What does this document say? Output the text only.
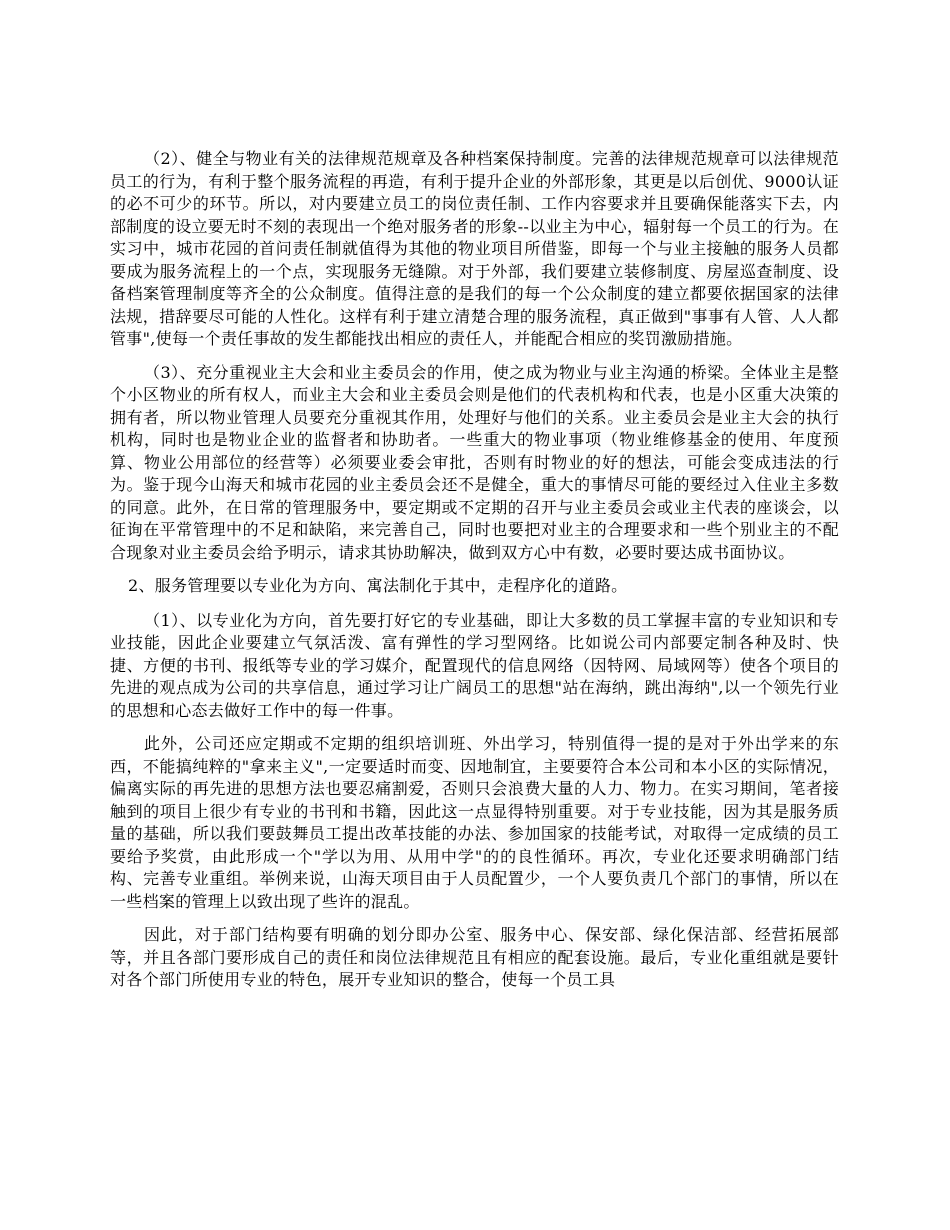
（2）、健全与物业有关的法律规范规章及各种档案保持制度。完善的法律规范规章可以法律规范员工的行为，有利于整个服务流程的再造，有利于提升企业的外部形象，其更是以后创优、9000认证的必不可少的环节。所以，对内要建立员工的岗位责任制、工作内容要求并且要确保能落实下去，内部制度的设立要无时不刻的表现出一个绝对服务者的形象--以业主为中心，辐射每一个员工的行为。在实习中，城市花园的首问责任制就值得为其他的物业项目所借鉴，即每一个与业主接触的服务人员都要成为服务流程上的一个点，实现服务无缝隙。对于外部，我们要建立装修制度、房屋巡查制度、设备档案管理制度等齐全的公众制度。值得注意的是我们的每一个公众制度的建立都要依据国家的法律法规，措辞要尽可能的人性化。这样有利于建立清楚合理的服务流程，真正做到"事事有人管、人人都管事",使每一个责任事故的发生都能找出相应的责任人，并能配合相应的奖罚激励措施。

（3）、充分重视业主大会和业主委员会的作用，使之成为物业与业主沟通的桥梁。全体业主是整个小区物业的所有权人，而业主大会和业主委员会则是他们的代表机构和代表，也是小区重大决策的拥有者，所以物业管理人员要充分重视其作用，处理好与他们的关系。业主委员会是业主大会的执行机构，同时也是物业企业的监督者和协助者。一些重大的物业事项（物业维修基金的使用、年度预算、物业公用部位的经营等）必须要业委会审批，否则有时物业的好的想法，可能会变成违法的行为。鉴于现今山海天和城市花园的业主委员会还不是健全，重大的事情尽可能的要经过入住业主多数的同意。此外，在日常的管理服务中，要定期或不定期的召开与业主委员会或业主代表的座谈会，以征询在平常管理中的不足和缺陷，来完善自己，同时也要把对业主的合理要求和一些个别业主的不配合现象对业主委员会给予明示，请求其协助解决，做到双方心中有数，必要时要达成书面协议。

2、服务管理要以专业化为方向、寓法制化于其中，走程序化的道路。

（1）、以专业化为方向，首先要打好它的专业基础，即让大多数的员工掌握丰富的专业知识和专业技能，因此企业要建立气氛活泼、富有弹性的学习型网络。比如说公司内部要定制各种及时、快捷、方便的书刊、报纸等专业的学习媒介，配置现代的信息网络（因特网、局域网等）使各个项目的先进的观点成为公司的共享信息，通过学习让广阔员工的思想"站在海纳，跳出海纳",以一个领先行业的思想和心态去做好工作中的每一件事。

此外，公司还应定期或不定期的组织培训班、外出学习，特别值得一提的是对于外出学来的东西，不能搞纯粹的"拿来主义",一定要适时而变、因地制宜，主要要符合本公司和本小区的实际情况，偏离实际的再先进的思想方法也要忍痛割爱，否则只会浪费大量的人力、物力。在实习期间，笔者接触到的项目上很少有专业的书刊和书籍，因此这一点显得特别重要。对于专业技能，因为其是服务质量的基础，所以我们要鼓舞员工提出改革技能的办法、参加国家的技能考试，对取得一定成绩的员工要给予奖赏，由此形成一个"学以为用、从用中学"的的良性循环。再次，专业化还要求明确部门结构、完善专业重组。举例来说，山海天项目由于人员配置少，一个人要负责几个部门的事情，所以在一些档案的管理上以致出现了些许的混乱。

因此，对于部门结构要有明确的划分即办公室、服务中心、保安部、绿化保洁部、经营拓展部等，并且各部门要形成自己的责任和岗位法律规范且有相应的配套设施。最后，专业化重组就是要针对各个部门所使用专业的特色，展开专业知识的整合，使每一个员工具
